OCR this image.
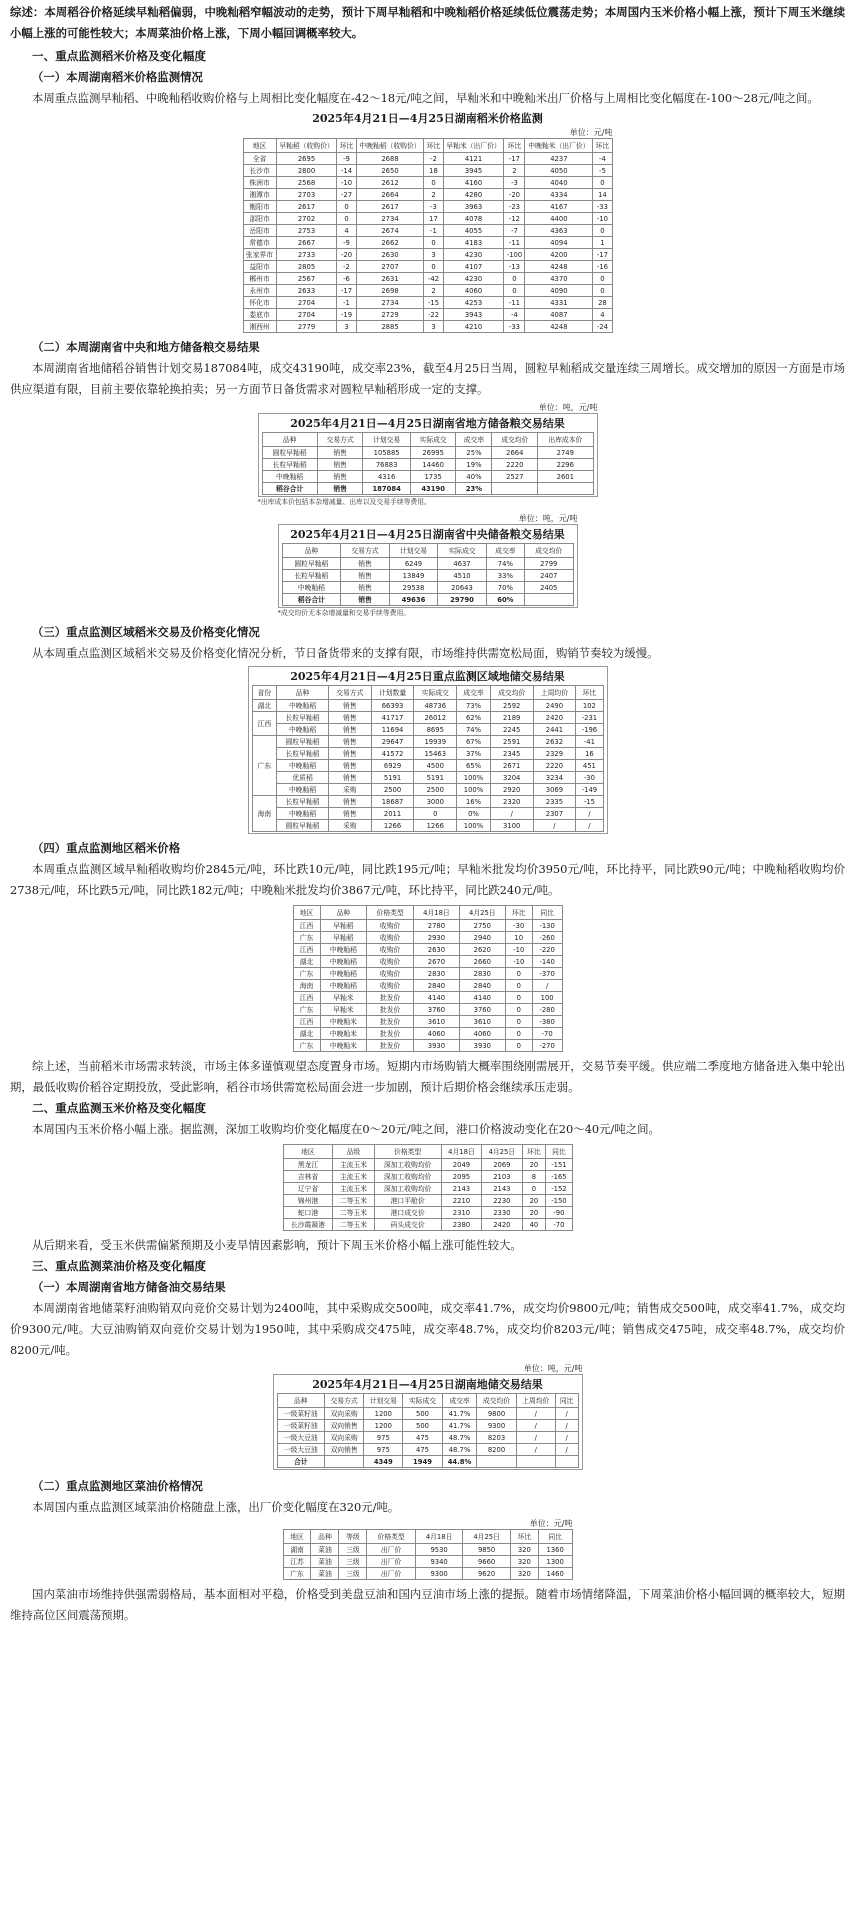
综述：本周稻谷价格延续早籼稻偏弱，中晚籼稻窄幅波动的走势，预计下周早籼稻和中晚籼稻价格延续低位震荡走势；本周国内玉米价格小幅上涨，预计下周玉米继续小幅上涨的可能性较大；本周菜油价格上涨，下周小幅回调概率较大。

一、重点监测稻米价格及变化幅度

（一）本周湖南稻米价格监测情况

本周重点监测早籼稻、中晚籼稻收购价格与上周相比变化幅度在-42～18元/吨之间，早籼米和中晚籼米出厂价格与上周相比变化幅度在-100～28元/吨之间。

2025年4月21日—4月25日湖南稻米价格监测

单位：元/吨

地区	早籼稻（收购价）	环比	中晚籼稻（收购价）	环比	早籼米（出厂价）	环比	中晚籼米（出厂价）	环比
全省	2695	-9	2688	-2	4121	-17	4237	-4
长沙市	2800	-14	2650	18	3945	2	4050	-5
株洲市	2568	-10	2612	0	4160	-3	4040	0
湘潭市	2703	-27	2664	2	4280	-20	4334	14
衡阳市	2617	0	2617	-3	3963	-23	4167	-33
邵阳市	2702	0	2734	17	4078	-12	4400	-10
岳阳市	2753	4	2674	-1	4055	-7	4363	0
常德市	2667	-9	2662	0	4183	-11	4094	1
张家界市	2733	-20	2630	3	4230	-100	4200	-17
益阳市	2805	-2	2707	0	4107	-13	4248	-16
郴州市	2567	-6	2631	-42	4230	0	4370	0
永州市	2633	-17	2698	2	4060	0	4090	0
怀化市	2704	-1	2734	-15	4253	-11	4331	28
娄底市	2704	-19	2729	-22	3943	-4	4087	4
湘西州	2779	3	2885	3	4210	-33	4248	-24

（二）本周湖南省中央和地方储备粮交易结果

本周湖南省地储稻谷销售计划交易187084吨，成交43190吨，成交率23%，截至4月25日当周，圆粒早籼稻成交量连续三周增长。成交增加的原因一方面是市场供应渠道有限，目前主要依靠轮换拍卖；另一方面节日备货需求对圆粒早籼稻形成一定的支撑。

单位：吨，元/吨

2025年4月21日—4月25日湖南省地方储备粮交易结果

品种	交易方式	计划交易	实际成交	成交率	成交均价	出库成本价
圆粒早籼稻	销售	105885	26995	25%	2664	2749
长粒早籼稻	销售	76883	14460	19%	2220	2296
中晚籼稻	销售	4316	1735	40%	2527	2601
稻谷合计	销售	187084	43190	23%		

*出库成本价包括本杂增减量、出库以及交易手续等费用。

单位：吨，元/吨

2025年4月21日—4月25日湖南省中央储备粮交易结果

品种	交易方式	计划交易	实际成交	成交率	成交均价
圆粒早籼稻	销售	6249	4637	74%	2799
长粒早籼稻	销售	13849	4510	33%	2407
中晚籼稻	销售	29538	20643	70%	2405
稻谷合计	销售	49636	29790	60%	

*成交均价无本杂增减量和交易手续等费用。

（三）重点监测区域稻米交易及价格变化情况

从本周重点监测区域稻米交易及价格变化情况分析，节日备货带来的支撑有限，市场维持供需宽松局面，购销节奏较为缓慢。

2025年4月21日—4月25日重点监测区域地储交易结果

省份	品种	交易方式	计划数量	实际成交	成交率	成交均价	上周均价	环比
湖北	中晚籼稻	销售	66393	48736	73%	2592	2490	102
江西	长粒早籼稻	销售	41717	26012	62%	2189	2420	-231
	中晚籼稻	销售	11694	8695	74%	2245	2441	-196
广东	圆粒早籼稻	销售	29647	19939	67%	2591	2632	-41
	长粒早籼稻	销售	41572	15463	37%	2345	2329	16
	中晚籼稻	销售	6929	4500	65%	2671	2220	451
	优质稻	销售	5191	5191	100%	3204	3234	-30
	中晚籼稻	采购	2500	2500	100%	2920	3069	-149
海南	长粒早籼稻	销售	18687	3000	16%	2320	2335	-15
	中晚籼稻	销售	2011	0	0%	/	2307	/
	圆粒早籼稻	采购	1266	1266	100%	3100	/	/

（四）重点监测地区稻米价格

本周重点监测区域早籼稻收购均价2845元/吨，环比跌10元/吨，同比跌195元/吨；早籼米批发均价3950元/吨，环比持平，同比跌90元/吨；中晚籼稻收购均价2738元/吨，环比跌5元/吨，同比跌182元/吨；中晚籼米批发均价3867元/吨，环比持平，同比跌240元/吨。

地区	品种	价格类型	4月18日	4月25日	环比	同比
江西	早籼稻	收购价	2780	2750	-30	-130
广东	早籼稻	收购价	2930	2940	10	-260
江西	中晚籼稻	收购价	2630	2620	-10	-220
湖北	中晚籼稻	收购价	2670	2660	-10	-140
广东	中晚籼稻	收购价	2830	2830	0	-370
海南	中晚籼稻	收购价	2840	2840	0	/
江西	早籼米	批发价	4140	4140	0	100
广东	早籼米	批发价	3760	3760	0	-280
江西	中晚籼米	批发价	3610	3610	0	-380
湖北	中晚籼米	批发价	4060	4060	0	-70
广东	中晚籼米	批发价	3930	3930	0	-270

综上述，当前稻米市场需求转淡，市场主体多谨慎观望态度置身市场。短期内市场购销大概率围绕刚需展开，交易节奏平缓。供应端二季度地方储备进入集中轮出期，最低收购价稻谷定期投放，受此影响，稻谷市场供需宽松局面会进一步加剧，预计后期价格会继续承压走弱。

二、重点监测玉米价格及变化幅度

本周国内玉米价格小幅上涨。据监测，深加工收购均价变化幅度在0～20元/吨之间，港口价格波动变化在20～40元/吨之间。

地区	品级	价格类型	4月18日	4月25日	环比	同比
黑龙江	主流玉米	深加工收购均价	2049	2069	20	-151
吉林省	主流玉米	深加工收购均价	2095	2103	8	-165
辽宁省	主流玉米	深加工收购均价	2143	2143	0	-152
锦州港	二等玉米	港口平舱价	2210	2230	20	-150
蛇口港	二等玉米	港口成交价	2310	2330	20	-90
长沙霞凝港	二等玉米	码头成交价	2380	2420	40	-70

从后期来看，受玉米供需偏紧预期及小麦旱情因素影响，预计下周玉米价格小幅上涨可能性较大。

三、重点监测菜油价格及变化幅度

（一）本周湖南省地方储备油交易结果

本周湖南省地储菜籽油购销双向竞价交易计划为2400吨，其中采购成交500吨，成交率41.7%，成交均价9800元/吨；销售成交500吨，成交率41.7%，成交均价9300元/吨。大豆油购销双向竞价交易计划为1950吨，其中采购成交475吨，成交率48.7%，成交均价8203元/吨；销售成交475吨，成交率48.7%，成交均价8200元/吨。

单位：吨，元/吨

2025年4月21日—4月25日湖南地储交易结果

品种	交易方式	计划交易	实际成交	成交率	成交均价	上周均价	同比
一级菜籽油	双向采购	1200	500	41.7%	9800	/	/
一级菜籽油	双向销售	1200	500	41.7%	9300	/	/
一级大豆油	双向采购	975	475	48.7%	8203	/	/
一级大豆油	双向销售	975	475	48.7%	8200	/	/
合计		4349	1949	44.8%			

（二）重点监测地区菜油价格情况

本周国内重点监测区域菜油价格随盘上涨，出厂价变化幅度在320元/吨。

单位：元/吨

地区	品种	等级	价格类型	4月18日	4月25日	环比	同比
湖南	菜油	三级	出厂价	9530	9850	320	1360
江苏	菜油	三级	出厂价	9340	9660	320	1300
广东	菜油	三级	出厂价	9300	9620	320	1460

国内菜油市场维持供强需弱格局，基本面相对平稳，价格受到美盘豆油和国内豆油市场上涨的提振。随着市场情绪降温，下周菜油价格小幅回调的概率较大，短期维持高位区间震荡预期。
